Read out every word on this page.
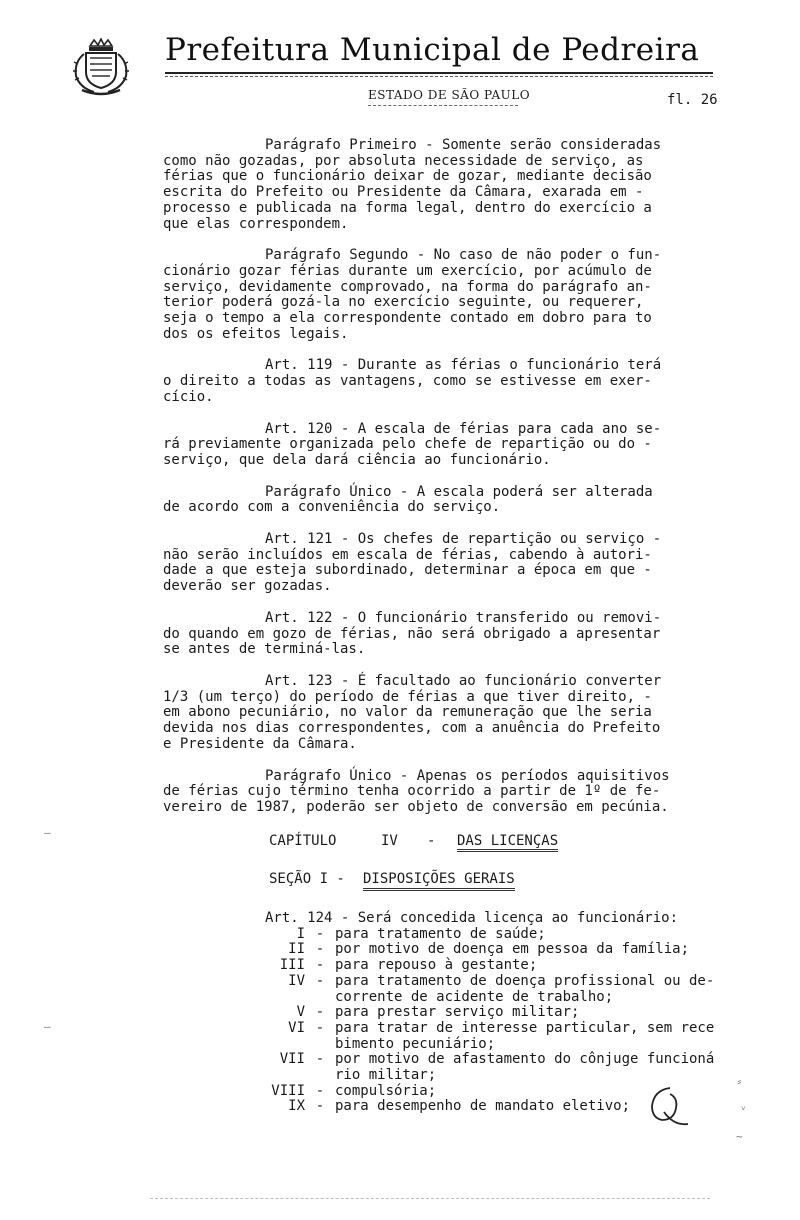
Prefeitura Municipal de Pedreira
ESTADO DE SÃO PAULO	fl. 26

Parágrafo Primeiro - Somente serão consideradas

como não gozadas, por absoluta necessidade de serviço, as

férias que o funcionário deixar de gozar, mediante decisão

escrita do Prefeito ou Presidente da Câmara, exarada em -

processo e publicada na forma legal, dentro do exercício a

que elas correspondem.

Parágrafo Segundo - No caso de não poder o fun-

cionário gozar férias durante um exercício, por acúmulo de

serviço, devidamente comprovado, na forma do parágrafo an-

terior poderá gozá-la no exercício seguinte, ou requerer,

seja o tempo a ela correspondente contado em dobro para to

dos os efeitos legais.

Art. 119 - Durante as férias o funcionário terá

o direito a todas as vantagens, como se estivesse em exer-

cício.

Art. 120 - A escala de férias para cada ano se-

rá previamente organizada pelo chefe de repartição ou do -

serviço, que dela dará ciência ao funcionário.

Parágrafo Único - A escala poderá ser alterada

de acordo com a conveniência do serviço.

Art. 121 - Os chefes de repartição ou serviço -

não serão incluídos em escala de férias, cabendo à autori-

dade a que esteja subordinado, determinar a época em que -

deverão ser gozadas.

Art. 122 - O funcionário transferido ou removi-

do quando em gozo de férias, não será obrigado a apresentar

se antes de terminá-las.

Art. 123 - É facultado ao funcionário converter

1/3 (um terço) do período de férias a que tiver direito, -

em abono pecuniário, no valor da remuneração que lhe seria

devida nos dias correspondentes, com a anuência do Prefeito

e Presidente da Câmara.

Parágrafo Único - Apenas os períodos aquisitivos

de férias cujo término tenha ocorrido a partir de 1º de fe-

vereiro de 1987, poderão ser objeto de conversão em pecúnia.

CAPÍTULO	IV - DAS LICENÇAS
SEÇÃO I - DISPOSIÇÕES GERAIS
Art. 124 - Será concedida licença ao funcionário:
I - para tratamento de saúde;
II - por motivo de doença em pessoa da família;
III - para repouso à gestante;
IV - para tratamento de doença profissional ou de-
corrente de acidente de trabalho;
V - para prestar serviço militar;
VI - para tratar de interesse particular, sem rece
bimento pecuniário;
VII - por motivo de afastamento do cônjuge funcioná
rio militar;
VIII - compulsória;
IX - para desempenho de mandato eletivo;
—
—
⸗
ᵥ
~
